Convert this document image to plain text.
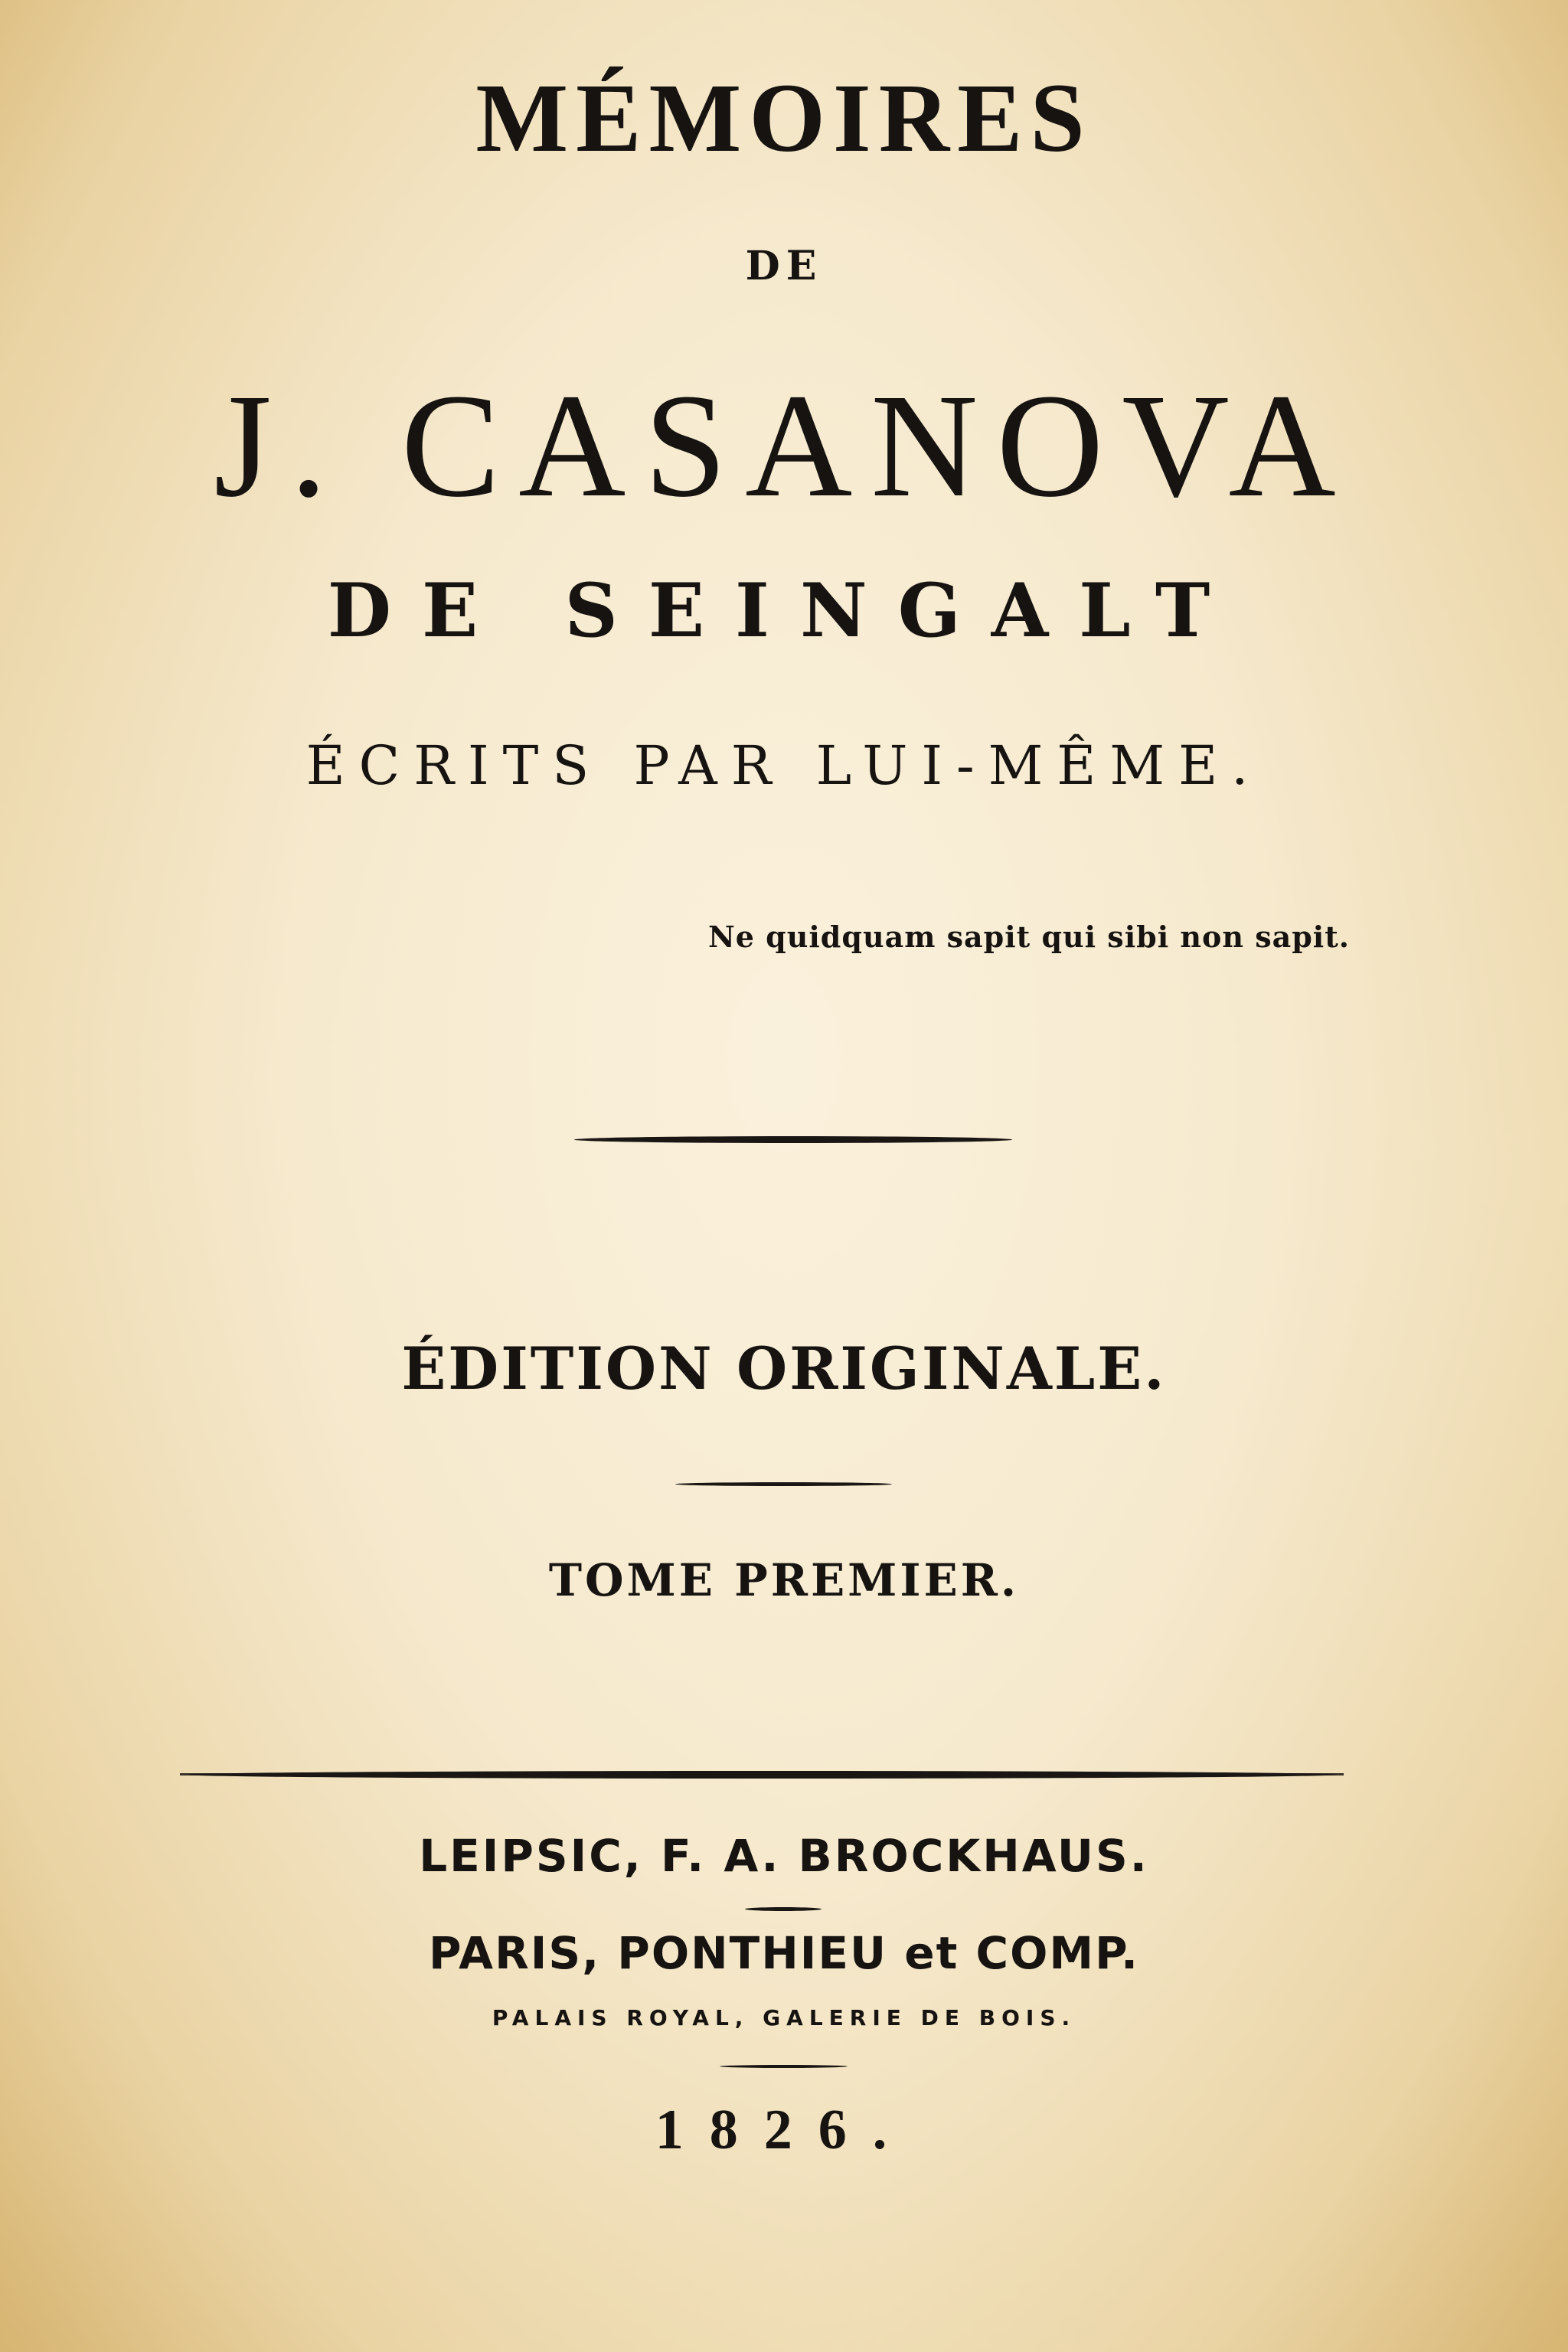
MÉMOIRES
DE
J. CASANOVA
DE SEINGALT
ÉCRITS PAR LUI-MÊME.
Ne quidquam sapit qui sibi non sapit.
ÉDITION ORIGINALE.
TOME PREMIER.
LEIPSIC, F. A. BROCKHAUS.
PARIS, PONTHIEU et COMP.
PALAIS ROYAL, GALERIE DE BOIS.
1826.
